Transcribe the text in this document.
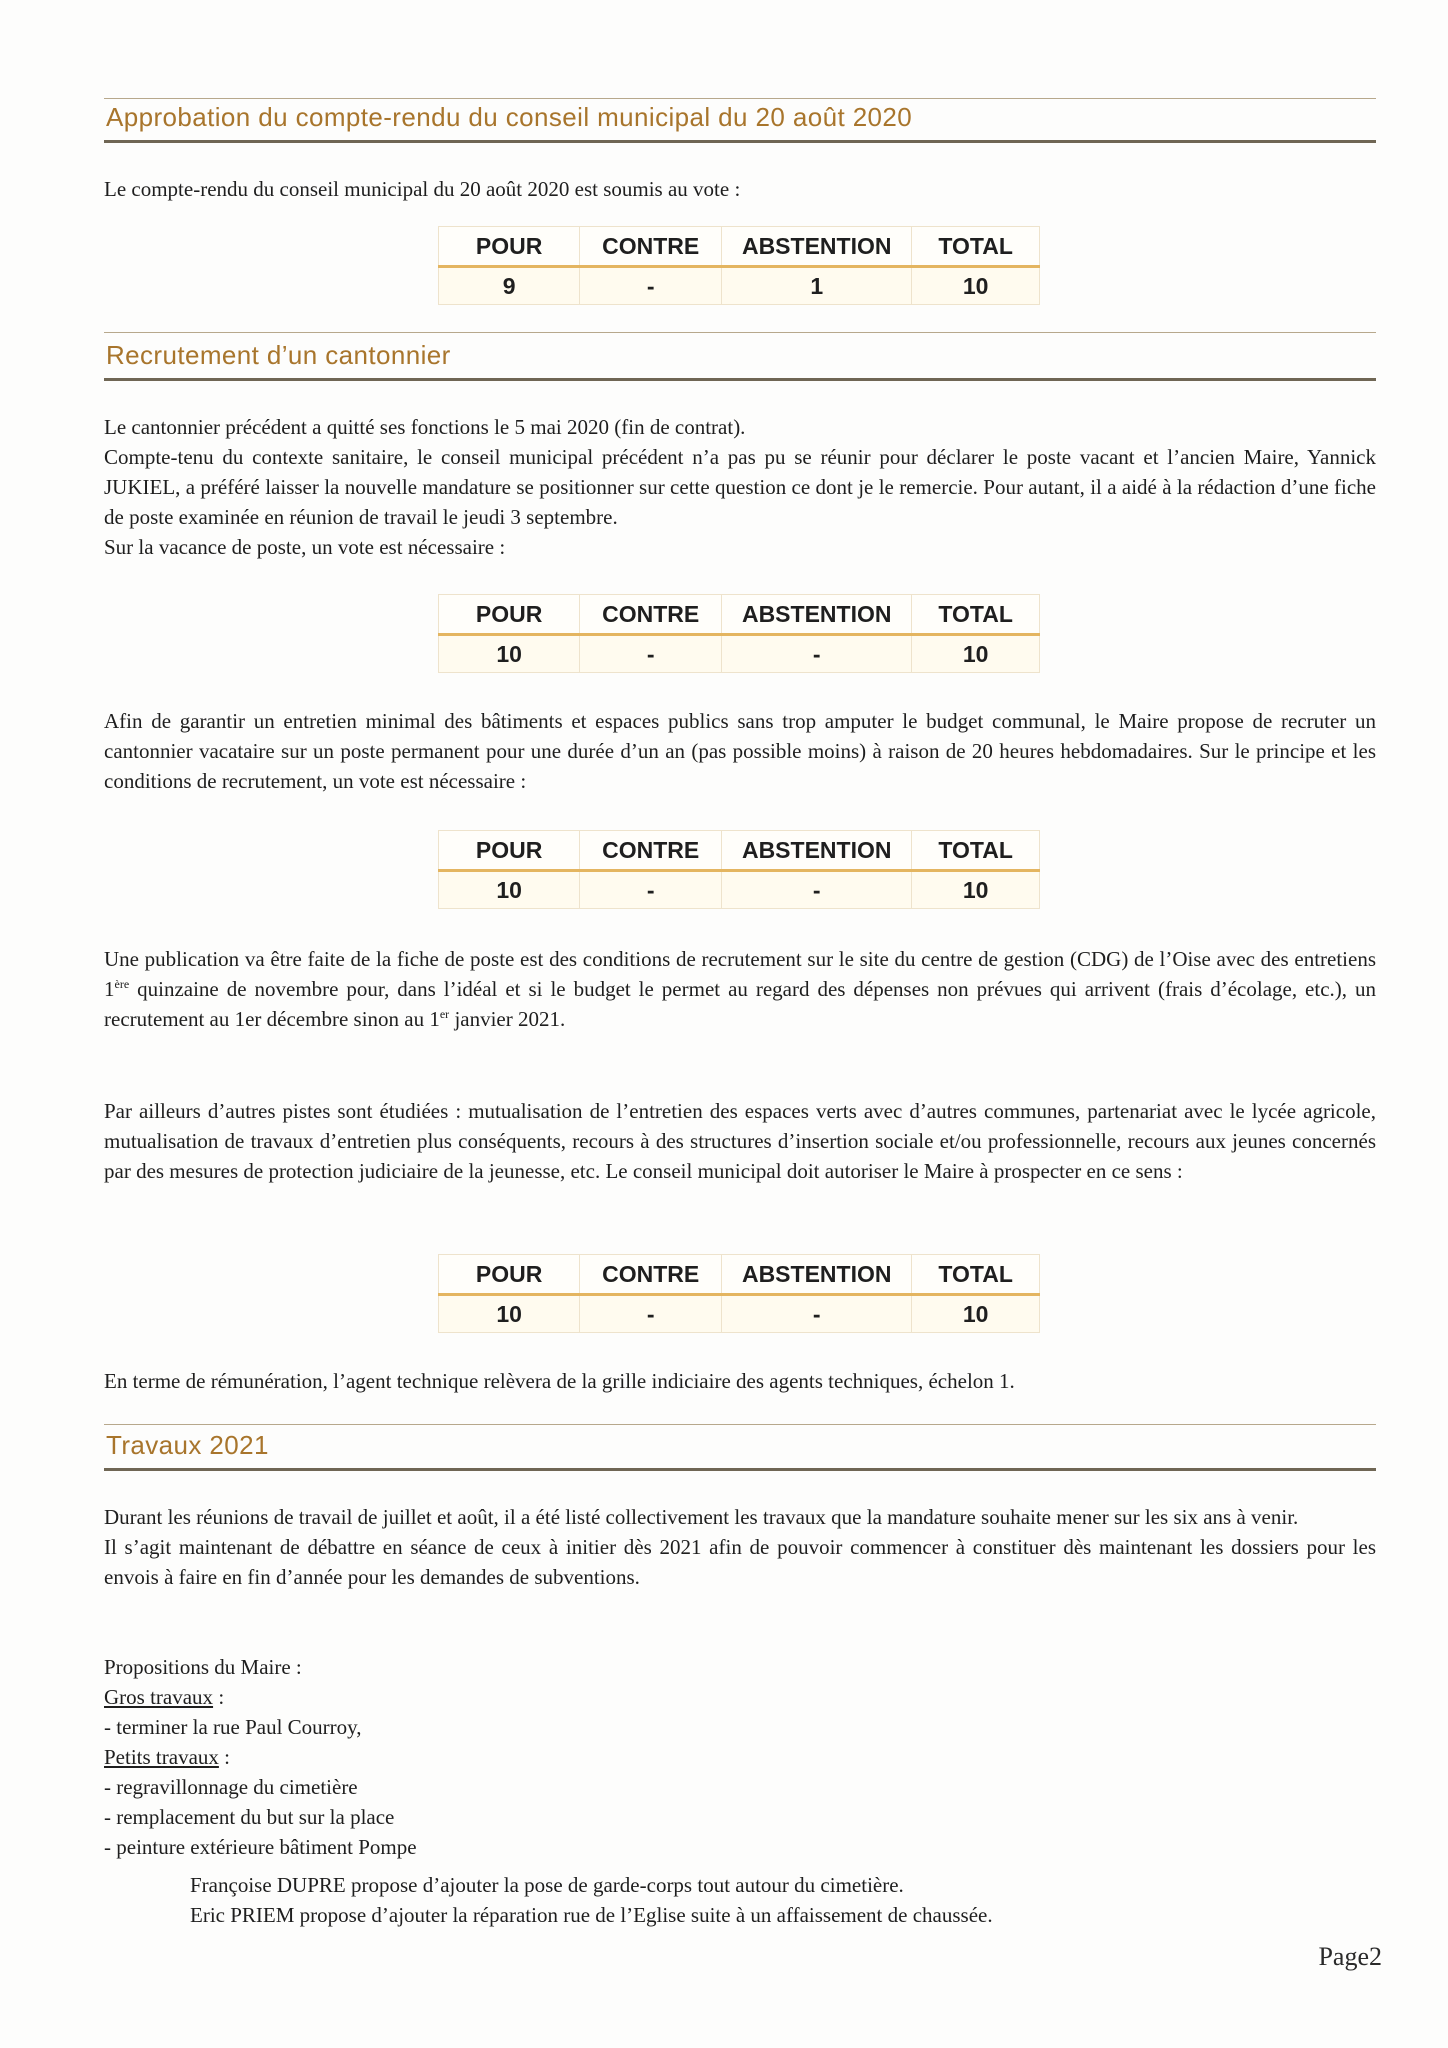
Approbation du compte-rendu du conseil municipal du 20 août 2020

Le compte-rendu du conseil municipal du 20 août 2020 est soumis au vote :

POUR	CONTRE	ABSTENTION	TOTAL
9	-	1	10
Recrutement d’un cantonnier

Le cantonnier précédent a quitté ses fonctions le 5 mai 2020 (fin de contrat).

Compte-tenu du contexte sanitaire, le conseil municipal précédent n’a pas pu se réunir pour déclarer le poste vacant et l’ancien Maire, Yannick JUKIEL, a préféré laisser la nouvelle mandature se positionner sur cette question ce dont je le remercie. Pour autant, il a aidé à la rédaction d’une fiche de poste examinée en réunion de travail le jeudi 3 septembre.

Sur la vacance de poste, un vote est nécessaire :

POUR	CONTRE	ABSTENTION	TOTAL
10	-	-	10

Afin de garantir un entretien minimal des bâtiments et espaces publics sans trop amputer le budget communal, le Maire propose de recruter un cantonnier vacataire sur un poste permanent pour une durée d’un an (pas possible moins) à raison de 20 heures hebdomadaires. Sur le principe et les conditions de recrutement, un vote est nécessaire :

POUR	CONTRE	ABSTENTION	TOTAL
10	-	-	10

Une publication va être faite de la fiche de poste est des conditions de recrutement sur le site du centre de gestion (CDG) de l’Oise avec des entretiens 1ère quinzaine de novembre pour, dans l’idéal et si le budget le permet au regard des dépenses non prévues qui arrivent (frais d’écolage, etc.), un recrutement au 1er décembre sinon au 1er janvier 2021.

Par ailleurs d’autres pistes sont étudiées : mutualisation de l’entretien des espaces verts avec d’autres communes, partenariat avec le lycée agricole, mutualisation de travaux d’entretien plus conséquents, recours à des structures d’insertion sociale et/ou professionnelle, recours aux jeunes concernés par des mesures de protection judiciaire de la jeunesse, etc. Le conseil municipal doit autoriser le Maire à prospecter en ce sens :

POUR	CONTRE	ABSTENTION	TOTAL
10	-	-	10

En terme de rémunération, l’agent technique relèvera de la grille indiciaire des agents techniques, échelon 1.

Travaux 2021

Durant les réunions de travail de juillet et août, il a été listé collectivement les travaux que la mandature souhaite mener sur les six ans à venir.

Il s’agit maintenant de débattre en séance de ceux à initier dès 2021 afin de pouvoir commencer à constituer dès maintenant les dossiers pour les envois à faire en fin d’année pour les demandes de subventions.

Propositions du Maire :
Gros travaux :
- terminer la rue Paul Courroy,
Petits travaux :
- regravillonnage du cimetière
- remplacement du but sur la place
- peinture extérieure bâtiment Pompe
Françoise DUPRE propose d’ajouter la pose de garde-corps tout autour du cimetière.
Eric PRIEM propose d’ajouter la réparation rue de l’Eglise suite à un affaissement de chaussée.
Page2
